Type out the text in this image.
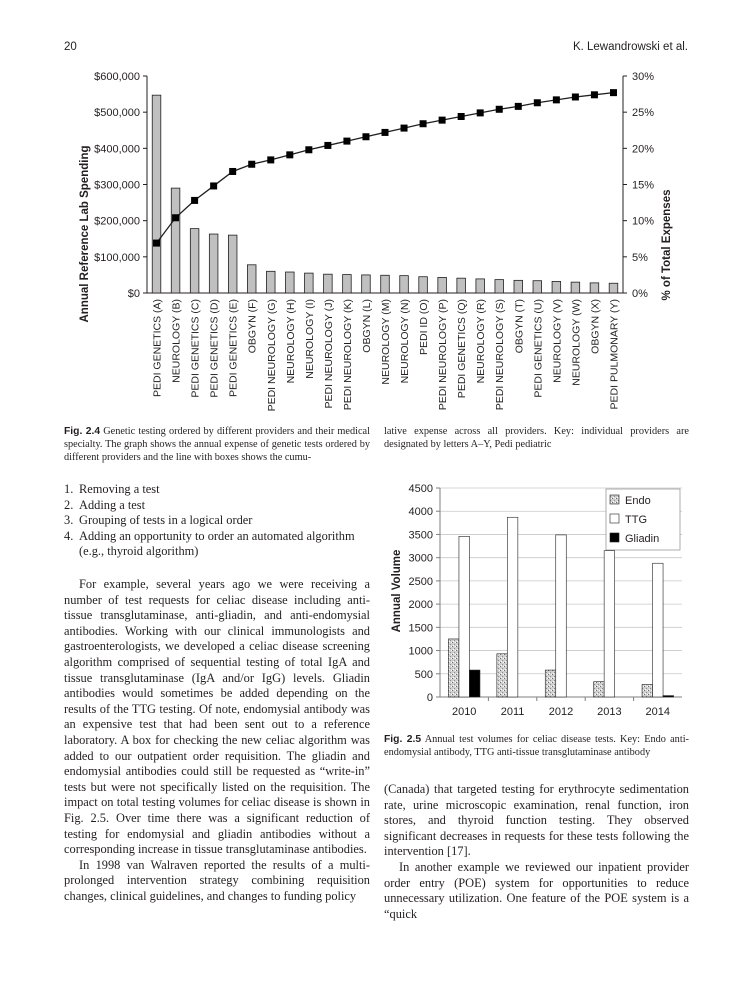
20	K. Lewandrowski et al.
$0
$100,000
$200,000
$300,000
$400,000
$500,000
$600,000
0%
5%
10%
15%
20%
25%
30%
PEDI GENETICS (A) NEUROLOGY (B) PEDI GENETICS (C) PEDI GENETICS (D) PEDI GENETICS (E) OBGYN (F) PEDI NEUROLOGY (G) NEUROLOGY (H) NEUROLOGY (I) PEDI NEUROLOGY (J) PEDI NEUROLOGY (K) OBGYN (L) NEUROLOGY (M) NEUROLOGY (N) PEDI ID (O) PEDI NEUROLOGY (P) PEDI GENETICS (Q) NEUROLOGY (R) PEDI NEUROLOGY (S) OBGYN (T) PEDI GENETICS (U) NEUROLOGY (V) NEUROLOGY (W) OBGYN (X) PEDI PULMONARY (Y)
Annual Reference Lab Spending	% of Total Expenses
Fig. 2.4 Genetic testing ordered by different providers and their medical specialty. The graph shows the annual expense of genetic tests ordered by different providers and the line with boxes shows the cumu-
lative expense across all providers. Key: individual providers are designated by letters A–Y, Pedi pediatric
1. Removing a test
2. Adding a test
3. Grouping of tests in a logical order
4. Adding an opportunity to order an automated algorithm (e.g., thyroid algorithm)

For example, several years ago we were receiving a number of test requests for celiac disease including anti-tissue transglutaminase, anti-gliadin, and anti-endomysial antibodies. Working with our clinical immunologists and gastroenterologists, we developed a celiac disease screening algorithm comprised of sequential testing of total IgA and tissue transglutaminase (IgA and/or IgG) levels. Gliadin antibodies would sometimes be added depending on the results of the TTG testing. Of note, endomysial antibody was an expensive test that had been sent out to a reference laboratory. A box for checking the new celiac algorithm was added to our outpatient order requisition. The gliadin and endomysial antibodies could still be requested as “write-in” tests but were not specifically listed on the requisition. The impact on total testing volumes for celiac disease is shown in Fig. 2.5. Over time there was a significant reduction of testing for endomysial and gliadin antibodies without a corresponding increase in tissue transglutaminase antibodies.

In 1998 van Walraven reported the results of a multi-prolonged intervention strategy combining requisition changes, clinical guidelines, and changes to funding policy

0
500
1000
1500
2000
2500
3000
3500
4000
4500
2010 2011 2012 2013 2014
Endo
TTG
Gliadin
Annual Volume
Fig. 2.5 Annual test volumes for celiac disease tests. Key: Endo anti-endomysial antibody, TTG anti-tissue transglutaminase antibody

(Canada) that targeted testing for erythrocyte sedimentation rate, urine microscopic examination, renal function, iron stores, and thyroid function testing. They observed significant decreases in requests for these tests following the intervention [17].

In another example we reviewed our inpatient provider order entry (POE) system for opportunities to reduce unnecessary utilization. One feature of the POE system is a “quick
